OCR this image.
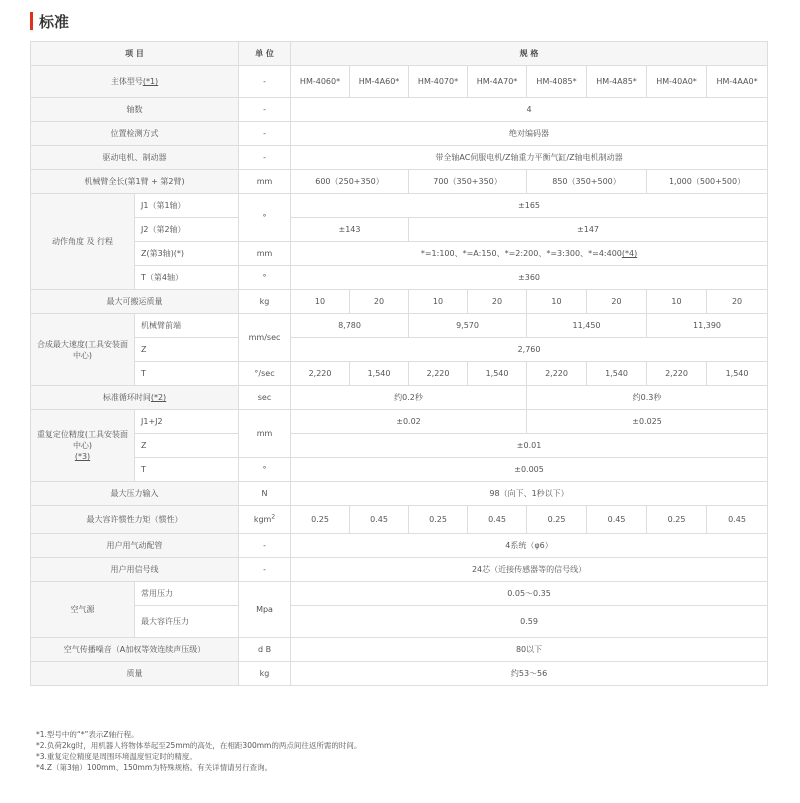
标准
项 目		单 位	规 格							
主体型号(*1)		-	HM-4060*	HM-4A60*	HM-4070*	HM-4A70*	HM-4085*	HM-4A85*	HM-40A0*	HM-4AA0*
轴数		-	4							
位置检测方式		-	绝对编码器							
驱动电机、制动器		-	带全轴AC伺服电机/Z轴重力平衡气缸/Z轴电机制动器							
机械臂全长(第1臂 + 第2臂)		mm	600（250+350）		700（350+350）		850（350+500）		1,000（500+500）	
动作角度 及 行程	J1（第1轴）	°	±165							
	J2（第2轴）		±143		±147					
	Z(第3轴)(*)	mm	*=1:100、*=A:150、*=2:200、*=3:300、*=4:400(*4)							
	T（第4轴）	°	±360							
最大可搬运质量		kg	10	20	10	20	10	20	10	20
合成最大速度(工具安装面中心)	机械臂前端	mm/sec	8,780		9,570		11,450		11,390	
	Z		2,760							
	T	°/sec	2,220	1,540	2,220	1,540	2,220	1,540	2,220	1,540
标准循环时间(*2)		sec	约0.2秒				约0.3秒			
重复定位精度(工具安装面中心)
(*3)	J1+J2	mm	±0.02				±0.025			
	Z		±0.01							
	T	°	±0.005							
最大压力输入		N	98（向下、1秒以下）							
最大容许惯性力矩（惯性）		kgm$^2$	0.25	0.45	0.25	0.45	0.25	0.45	0.25	0.45
用户用气动配管		-	4系统（φ6）							
用户用信号线		-	24芯（近接传感器等的信号线）							
空气源	常用压力	Mpa	0.05～0.35							
	最大容许压力		0.59							
空气传播噪音（A加权等效连续声压级）		d B	80以下							
质量		kg	约53～56							
*1.型号中的“*”表示Z轴行程。
*2.负荷2kg时，用机器人将物体举起至25mm的高处，在相距300mm的两点间往返所需的时间。
*3.重复定位精度是周围环境温度恒定时的精度。
*4.Z（第3轴）100mm、150mm为特殊规格。有关详情请另行查询。
